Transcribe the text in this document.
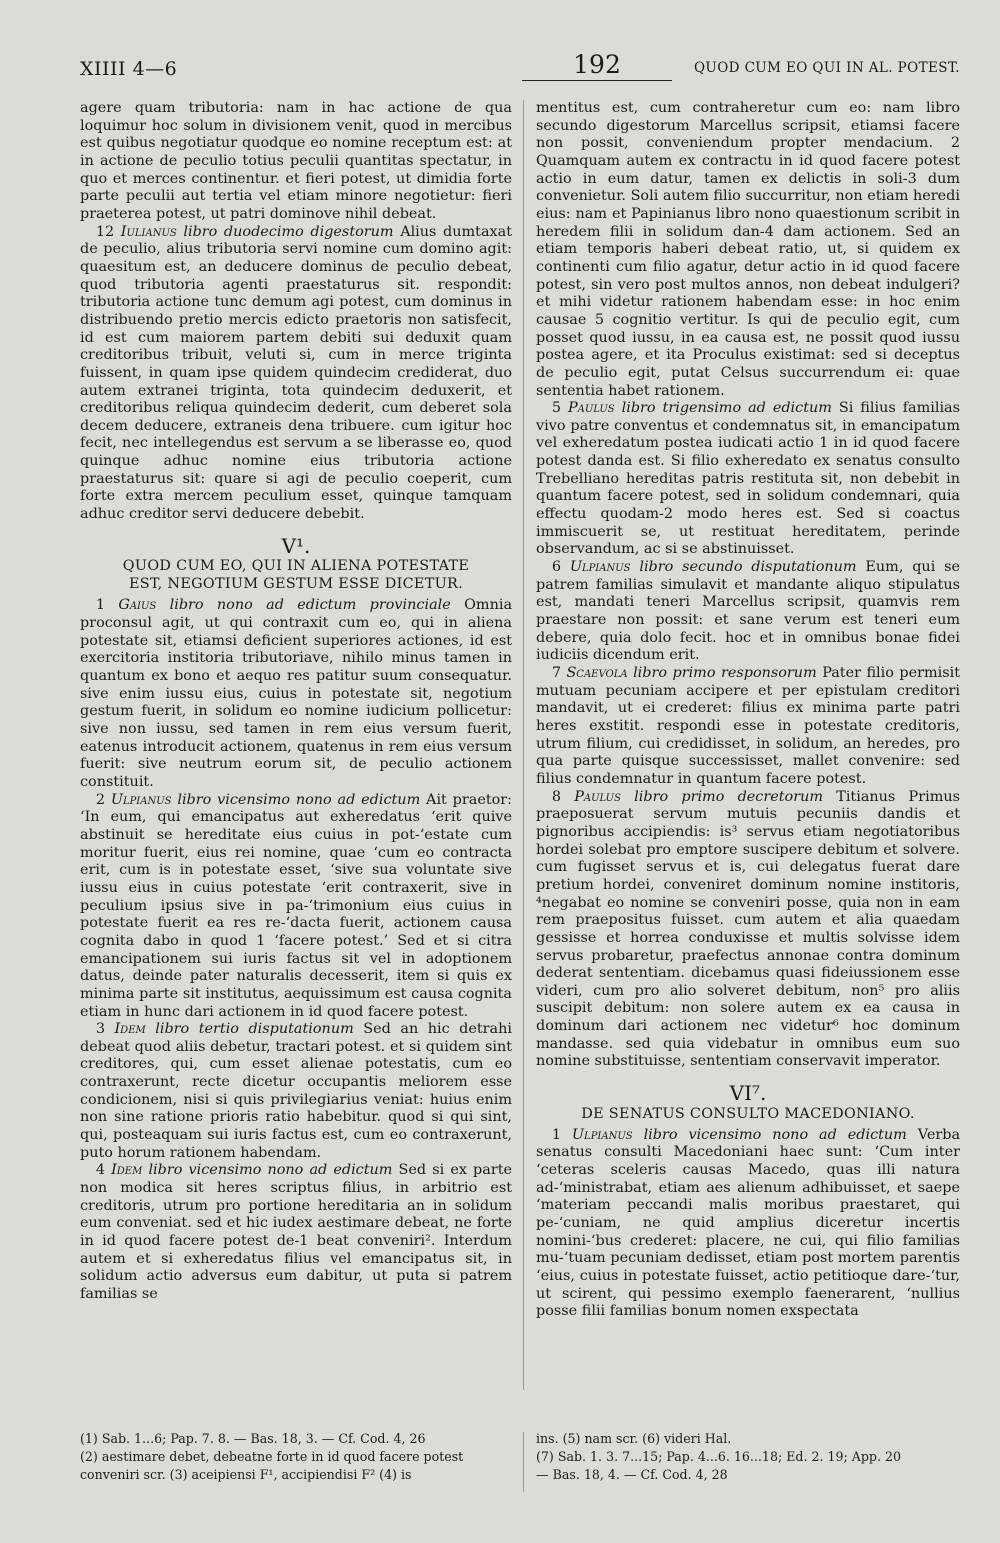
XIIII 4—6	192	QUOD CUM EO QUI IN AL. POTEST.

agere quam tributoria: nam in hac actione de qua loquimur hoc solum in divisionem venit, quod in mercibus est quibus negotiatur quodque eo nomine receptum est: at in actione de peculio totius peculii quantitas spectatur, in quo et merces continentur. et fieri potest, ut dimidia forte parte peculii aut tertia vel etiam minore negotietur: fieri praeterea potest, ut patri dominove nihil debeat.

12 Iulianus libro duodecimo digestorum Alius dumtaxat de peculio, alius tributoria servi nomine cum domino agit: quaesitum est, an deducere dominus de peculio debeat, quod tributoria agenti praestaturus sit. respondit: tributoria actione tunc demum agi potest, cum dominus in distribuendo pretio mercis edicto praetoris non satisfecit, id est cum maiorem partem debiti sui deduxit quam creditoribus tribuit, veluti si, cum in merce triginta fuissent, in quam ipse quidem quindecim crediderat, duo autem extranei triginta, tota quindecim deduxerit, et creditoribus reliqua quindecim dederit, cum deberet sola decem deducere, extraneis dena tribuere. cum igitur hoc fecit, nec intellegendus est servum a se liberasse eo, quod quinque adhuc nomine eius tributoria actione praestaturus sit: quare si agi de peculio coeperit, cum forte extra mercem peculium esset, quinque tamquam adhuc creditor servi deducere debebit.

V¹.
QUOD CUM EO, QUI IN ALIENA POTESTATE
EST, NEGOTIUM GESTUM ESSE DICETUR.

1 Gaius libro nono ad edictum provinciale Omnia proconsul agit, ut qui contraxit cum eo, qui in aliena potestate sit, etiamsi deficient superiores actiones, id est exercitoria institoria tributoriave, nihilo minus tamen in quantum ex bono et aequo res patitur suum consequatur. sive enim iussu eius, cuius in potestate sit, negotium gestum fuerit, in solidum eo nomine iudicium pollicetur: sive non iussu, sed tamen in rem eius versum fuerit, eatenus introducit actionem, quatenus in rem eius versum fuerit: sive neutrum eorum sit, de peculio actionem constituit.

2 Ulpianus libro vicensimo nono ad edictum Ait praetor: ‘In eum, qui emancipatus aut exheredatus ‘erit quive abstinuit se hereditate eius cuius in pot-‘estate cum moritur fuerit, eius rei nomine, quae ‘cum eo contracta erit, cum is in potestate esset, ‘sive sua voluntate sive iussu eius in cuius potestate ‘erit contraxerit, sive in peculium ipsius sive in pa-‘trimonium eius cuius in potestate fuerit ea res re-‘dacta fuerit, actionem causa cognita dabo in quod 1 ‘facere potest.’ Sed et si citra emancipationem sui iuris factus sit vel in adoptionem datus, deinde pater naturalis decesserit, item si quis ex minima parte sit institutus, aequissimum est causa cognita etiam in hunc dari actionem in id quod facere potest.

3 Idem libro tertio disputationum Sed an hic detrahi debeat quod aliis debetur, tractari potest. et si quidem sint creditores, qui, cum esset alienae potestatis, cum eo contraxerunt, recte dicetur occupantis meliorem esse condicionem, nisi si quis privilegiarius veniat: huius enim non sine ratione prioris ratio habebitur. quod si qui sint, qui, posteaquam sui iuris factus est, cum eo contraxerunt, puto horum rationem habendam.

4 Idem libro vicensimo nono ad edictum Sed si ex parte non modica sit heres scriptus filius, in arbitrio est creditoris, utrum pro portione hereditaria an in solidum eum conveniat. sed et hic iudex aestimare debeat, ne forte in id quod facere potest de-1 beat conveniri². Interdum autem et si exheredatus filius vel emancipatus sit, in solidum actio adversus eum dabitur, ut puta si patrem familias se

mentitus est, cum contraheretur cum eo: nam libro secundo digestorum Marcellus scripsit, etiamsi facere non possit, conveniendum propter mendacium. 2 Quamquam autem ex contractu in id quod facere potest actio in eum datur, tamen ex delictis in soli-3 dum convenietur. Soli autem filio succurritur, non etiam heredi eius: nam et Papinianus libro nono quaestionum scribit in heredem filii in solidum dan-4 dam actionem. Sed an etiam temporis haberi debeat ratio, ut, si quidem ex continenti cum filio agatur, detur actio in id quod facere potest, sin vero post multos annos, non debeat indulgeri? et mihi videtur rationem habendam esse: in hoc enim causae 5 cognitio vertitur. Is qui de peculio egit, cum posset quod iussu, in ea causa est, ne possit quod iussu postea agere, et ita Proculus existimat: sed si deceptus de peculio egit, putat Celsus succurrendum ei: quae sententia habet rationem.

5 Paulus libro trigensimo ad edictum Si filius familias vivo patre conventus et condemnatus sit, in emancipatum vel exheredatum postea iudicati actio 1 in id quod facere potest danda est. Si filio exheredato ex senatus consulto Trebelliano hereditas patris restituta sit, non debebit in quantum facere potest, sed in solidum condemnari, quia effectu quodam-2 modo heres est. Sed si coactus immiscuerit se, ut restituat hereditatem, perinde observandum, ac si se abstinuisset.

6 Ulpianus libro secundo disputationum Eum, qui se patrem familias simulavit et mandante aliquo stipulatus est, mandati teneri Marcellus scripsit, quamvis rem praestare non possit: et sane verum est teneri eum debere, quia dolo fecit. hoc et in omnibus bonae fidei iudiciis dicendum erit.

7 Scaevola libro primo responsorum Pater filio permisit mutuam pecuniam accipere et per epistulam creditori mandavit, ut ei crederet: filius ex minima parte patri heres exstitit. respondi esse in potestate creditoris, utrum filium, cui credidisset, in solidum, an heredes, pro qua parte quisque successisset, mallet convenire: sed filius condemnatur in quantum facere potest.

8 Paulus libro primo decretorum Titianus Primus praeposuerat servum mutuis pecuniis dandis et pignoribus accipiendis: is³ servus etiam negotiatoribus hordei solebat pro emptore suscipere debitum et solvere. cum fugisset servus et is, cui delegatus fuerat dare pretium hordei, conveniret dominum nomine institoris, ⁴negabat eo nomine se conveniri posse, quia non in eam rem praepositus fuisset. cum autem et alia quaedam gessisse et horrea conduxisse et multis solvisse idem servus probaretur, praefectus annonae contra dominum dederat sententiam. dicebamus quasi fideiussionem esse videri, cum pro alio solveret debitum, non⁵ pro aliis suscipit debitum: non solere autem ex ea causa in dominum dari actionem nec videtur⁶ hoc dominum mandasse. sed quia videbatur in omnibus eum suo nomine substituisse, sententiam conservavit imperator.

VI⁷.
DE SENATUS CONSULTO MACEDONIANO.

1 Ulpianus libro vicensimo nono ad edictum Verba senatus consulti Macedoniani haec sunt: ‘Cum inter ‘ceteras sceleris causas Macedo, quas illi natura ad-‘ministrabat, etiam aes alienum adhibuisset, et saepe ‘materiam peccandi malis moribus praestaret, qui pe-‘cuniam, ne quid amplius diceretur incertis nomini-‘bus crederet: placere, ne cui, qui filio familias mu-‘tuam pecuniam dedisset, etiam post mortem parentis ‘eius, cuius in potestate fuisset, actio petitioque dare-‘tur, ut scirent, qui pessimo exemplo faenerarent, ‘nullius posse filii familias bonum nomen exspectata

(1) Sab. 1...6; Pap. 7. 8. — Bas. 18, 3. — Cf. Cod. 4, 26
(2) aestimare debet, debeatne forte in id quod facere potest
conveniri scr. (3) aceipiensi F¹, accipiendisi F² (4) is
ins. (5) nam scr. (6) videri Hal.
(7) Sab. 1. 3. 7...15; Pap. 4...6. 16...18; Ed. 2. 19; App. 20
— Bas. 18, 4. — Cf. Cod. 4, 28
